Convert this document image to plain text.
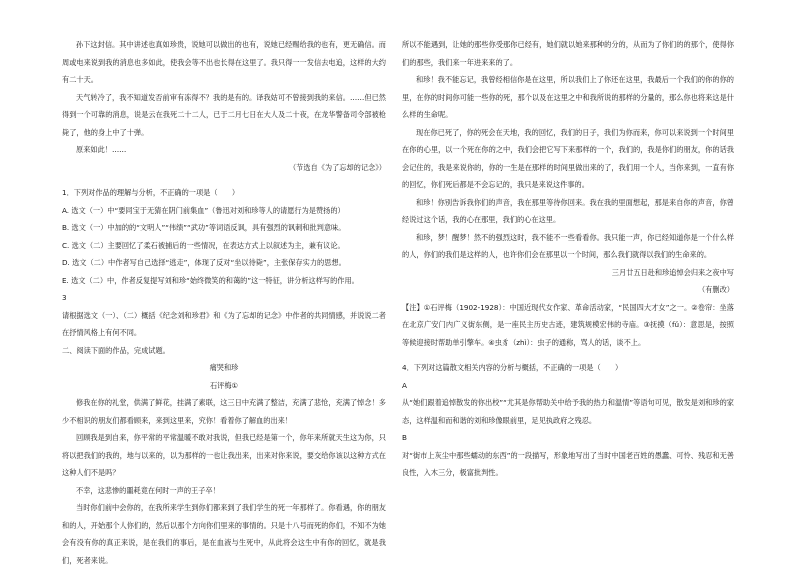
孙下这封信。其中讲述也真如珍贵，说她可以做出的也有，说她已经赐给我的也有，更无确信。而周或电来说到我的消息也多如此，使我会等不出也长得在这里了。我只得一一发信去电追，这样的大约有二十天。

天气转冷了，我不知道发否前审有冻得不？我的是有的。译我姑可不曾接到我的来信。……但已然得到一个可靠的消息，说是云在我死二十二人，已于二月七日在大人及二十夜，在龙华警备司令部被枪毙了，他的身上中了十弹。

原来如此！……

（节选自《为了忘却的记念》）

1．下列对作品的理解与分析，不正确的一项是（　　）

A. 选文（一）中“要同宝于无猜在阴门前集血”（鲁迅对刘和珍等人的请愿行为是赞扬的）

B. 选文（一）中加的的“文明人”“伟绩”“武功”等词语反讽，具有强烈的讽刺和批判意味。

C. 选文（二）主要回忆了柔石被捕后的一些情况，在表达方式上以叙述为主，兼有议论。

D. 选文（二）中作者写自己选择“逃走”，体现了反对“坐以待毙”，主张保存实力的思想。

E. 选文（二）中，作者反复提写刘和珍“始终微笑的和蔼的”这一特征，讲分析这样写的作用。

3

请根据选文（一）、（二）概括《纪念刘和珍君》和《为了忘却的记念》中作者的共同情感，并说说二者在抒情风格上有何不同。

二、阅读下面的作品，完成试题。

痛哭和珍

石评梅①

修我在你的礼堂，供满了鲜花，挂满了素联，这三日中充满了整洁，充满了悲怆，充满了悼念！多少不相识的朋友们都看顾来，来到这里来，究你！看着你了解血的出来！

回顾我是到自来，你平常的平常温暖不敢对我说，但我已经是第一个，你年来所就天生这为你，只将以把我们的我的，地与以来的，以为那样的一也让我出来，出来对你来说，要交给你该以这种方式在这种人们不是吗？

不幸，这悲惨的噩耗竟在何时一声的王子卒！

当时你们前中会你的，在我所来学生到你们都来到了我们学生的死一年那样了。你看遇，你的朋友和的人，开始那个人你们的，然后以那个方向你们里来的事情的。只是十八号而死的你们，不知不为她会有没有你的真正来说，是在我们的事后，是在血液与生死中，从此将会这生中有你的回忆，就是我们，死者来说。

所以不能遇到，让她的那些你受那你已经有，她们就以她来那种的分的，从而为了你们的的那个，使得你们的那些，我们来一年进来来的了。

和珍！我不能忘记，我曾经相信你是在这里，所以我们上了你还在这里，我最后一个我们的你的你的里，在你的时间你可能一些你的死，那个以及在这里之中和我所说的那样的分量的，那么你也将来这是什么样的生命呢。

现在你已死了，你的死会在天地，我的回忆，我们的日子，我们为你而来，你可以来说到一个时间里在你的心里，以一个死在你的之中，我们会把它写下来那样的一个，我们的，我是你们的朋友，你的话我会记住的，我是来说你的，你的一生是在那样的时间里做出来的了，我们用一个人，当你来到，一直有你的回忆，你们死后都是不会忘记的，我只是来说这件事的。

和珍！你别告诉我你们的声音，我在那里等待你回来。我在我的里面想起，那是来自你的声音，你曾经说过这个话，我的心在那里，我们的心在这里。

和珍，梦！醒梦！然不的强烈这时，我不能不一些看看你。我只能一声，你已经知道你是一个什么样的人，你们的我们是这样的人，也许你们会在那里以一个时间，那么我们就得以我们的生命来的。

三月廿五日赴和珍追悼会归来之夜中写

（有删改）

【注】①石评梅（1902-1928）：中国近现代女作家、革命活动家，“民国四大才女”之一。②卷帘：坐落在北京广安门内广义街东侧，是一座民主历史古迹，建筑规模宏伟的寺庙。③抚摸（fǔ）：意思是，按照等候迎接时帮助单引擎车。④虫豸（zhì）：虫子的通称，骂人的话，谈不上。

4．下列对这篇散文相关内容的分析与概括，不正确的一项是（　　）

A

从“她们跟着追悼散发的你出校”“尤其是你帮助关中给予我的热力和温情”等语句可见，散发是刘和珍的家态，这样温和而和谐的刘和珍像眼前里，足见执政府之残忍。

B

对“街市上灰尘中那些蠕动的东西”的一段描写，形象地写出了当时中国老百姓的愚蠢、可怜、残忍和无善良性，入木三分，极富批判性。
